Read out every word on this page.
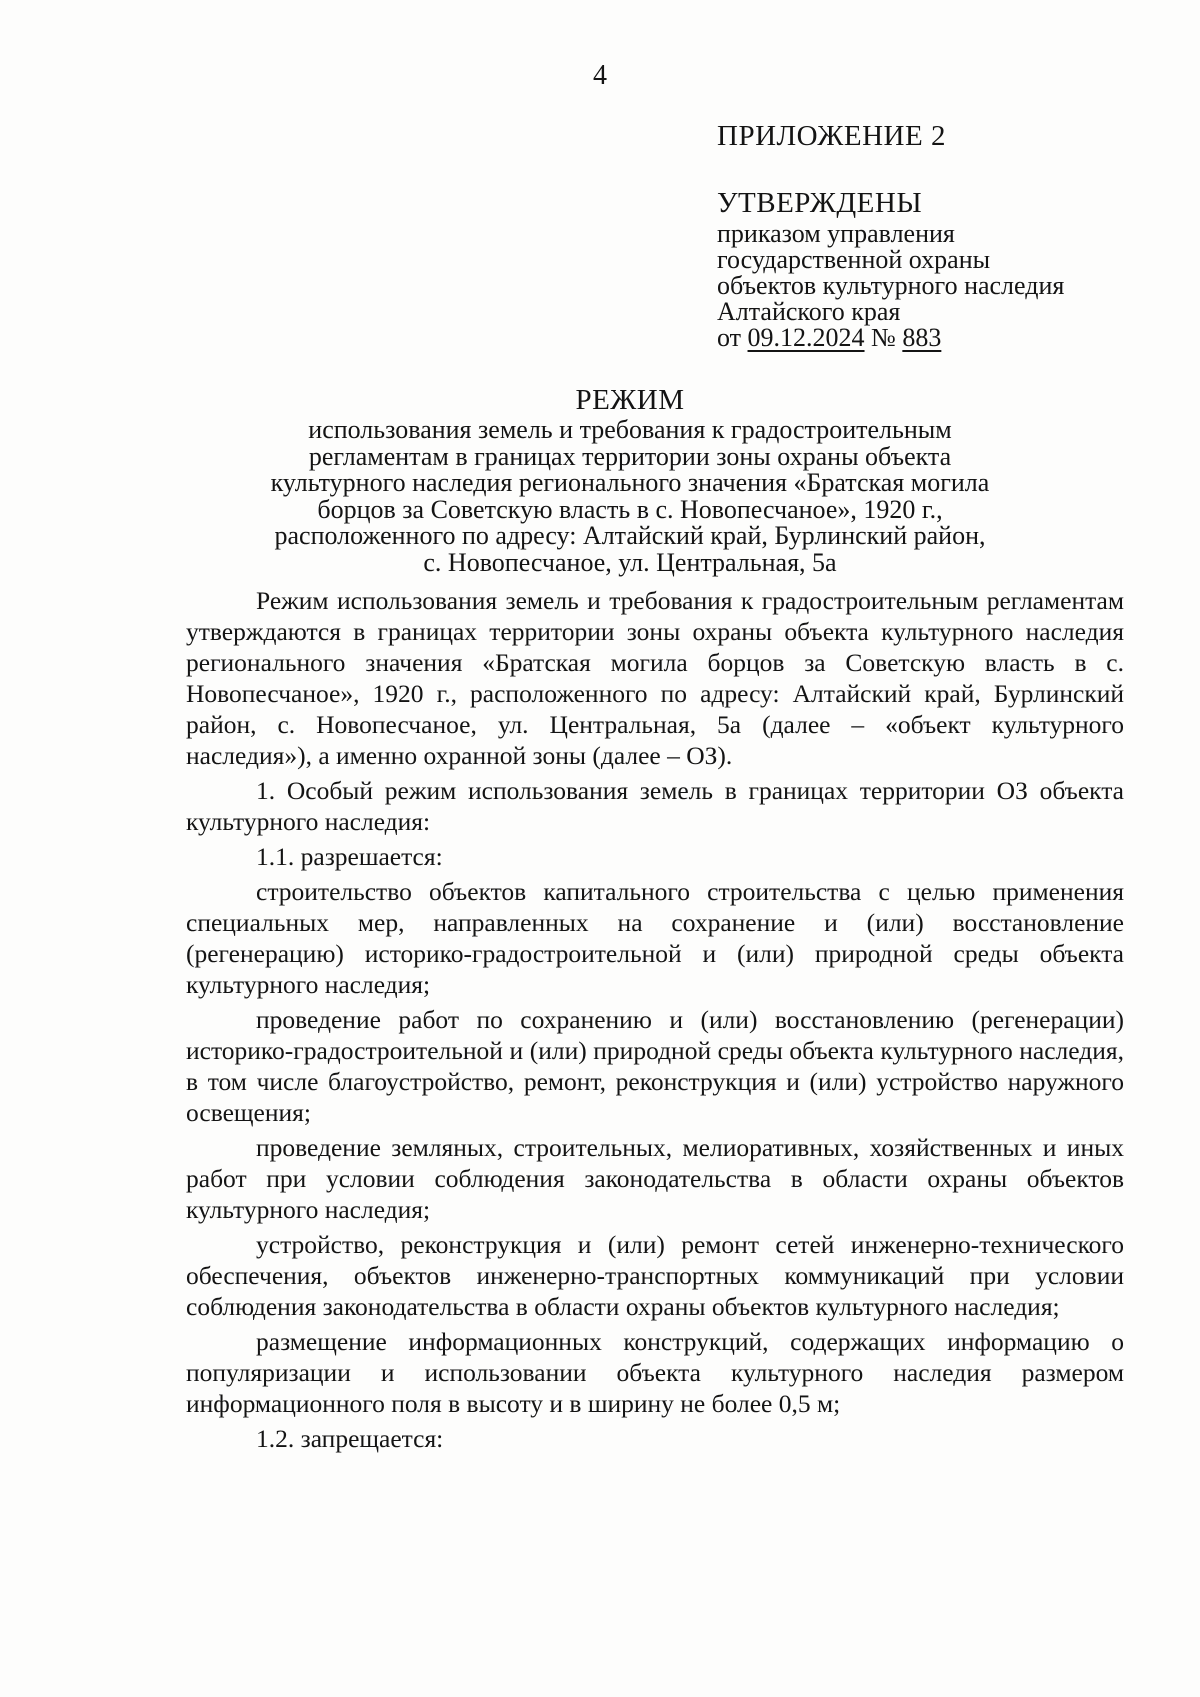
4

ПРИЛОЖЕНИЕ 2

УТВЕРЖДЕНЫ

приказом управления

государственной охраны

объектов культурного наследия

Алтайского края

от 09.12.2024 № 883

РЕЖИМ

использования земель и требования к градостроительным

регламентам в границах территории зоны охраны объекта

культурного наследия регионального значения «Братская могила

борцов за Советскую власть в с. Новопесчаное», 1920 г.,

расположенного по адресу: Алтайский край, Бурлинский район,

с. Новопесчаное, ул. Центральная, 5а

Режим использования земель и требования к градостроительным регламентам утверждаются в границах территории зоны охраны объекта культурного наследия регионального значения «Братская могила борцов за Советскую власть в с. Новопесчаное», 1920 г., расположенного по адресу: Алтайский край, Бурлинский район, с. Новопесчаное, ул. Центральная, 5а (далее – «объект культурного наследия»), а именно охранной зоны (далее – ОЗ).

1. Особый режим использования земель в границах территории ОЗ объекта культурного наследия:

1.1. разрешается:

строительство объектов капитального строительства с целью применения специальных мер, направленных на сохранение и (или) восстановление (регенерацию) историко-градостроительной и (или) природной среды объекта культурного наследия;

проведение работ по сохранению и (или) восстановлению (регенерации) историко-градостроительной и (или) природной среды объекта культурного наследия, в том числе благоустройство, ремонт, реконструкция и (или) устройство наружного освещения;

проведение земляных, строительных, мелиоративных, хозяйственных и иных работ при условии соблюдения законодательства в области охраны объектов культурного наследия;

устройство, реконструкция и (или) ремонт сетей инженерно-технического обеспечения, объектов инженерно-транспортных коммуникаций при условии соблюдения законодательства в области охраны объектов культурного наследия;

размещение информационных конструкций, содержащих информацию о популяризации и использовании объекта культурного наследия размером информационного поля в высоту и в ширину не более 0,5 м;

1.2. запрещается:
